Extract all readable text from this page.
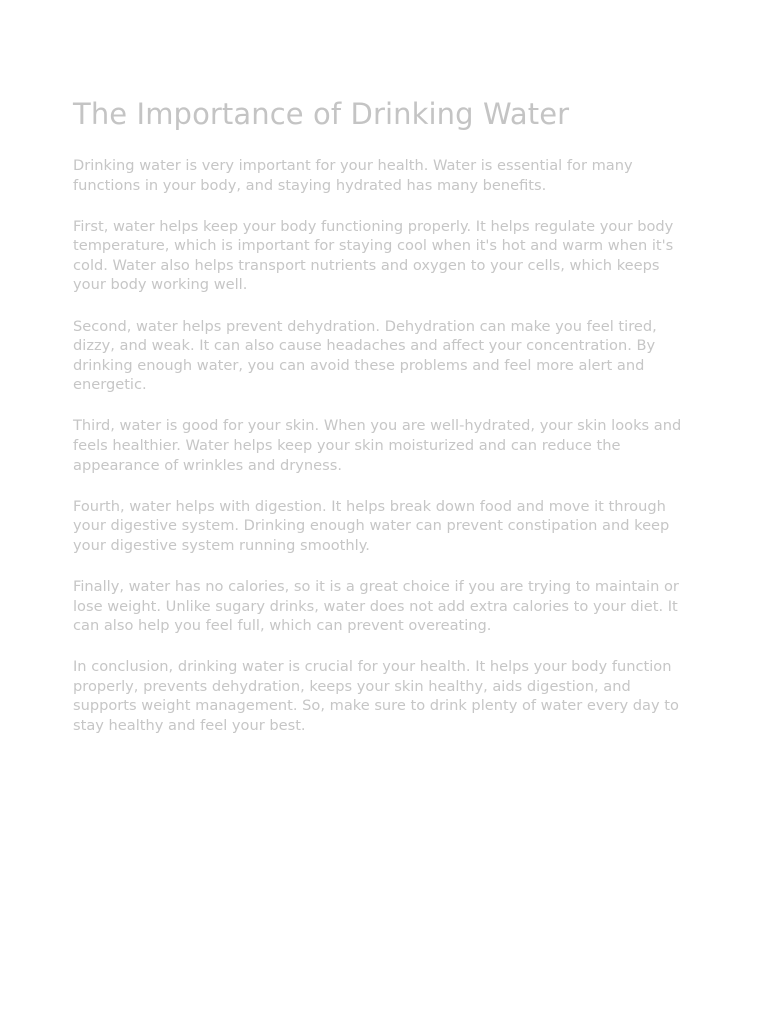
The Importance of Drinking Water

Drinking water is very important for your health. Water is essential for many functions in your body, and staying hydrated has many benefits.

First, water helps keep your body functioning properly. It helps regulate your body temperature, which is important for staying cool when it's hot and warm when it's cold. Water also helps transport nutrients and oxygen to your cells, which keeps your body working well.

Second, water helps prevent dehydration. Dehydration can make you feel tired, dizzy, and weak. It can also cause headaches and affect your concentration. By drinking enough water, you can avoid these problems and feel more alert and energetic.

Third, water is good for your skin. When you are well-hydrated, your skin looks and feels healthier. Water helps keep your skin moisturized and can reduce the appearance of wrinkles and dryness.

Fourth, water helps with digestion. It helps break down food and move it through your digestive system. Drinking enough water can prevent constipation and keep your digestive system running smoothly.

Finally, water has no calories, so it is a great choice if you are trying to maintain or lose weight. Unlike sugary drinks, water does not add extra calories to your diet. It can also help you feel full, which can prevent overeating.

In conclusion, drinking water is crucial for your health. It helps your body function properly, prevents dehydration, keeps your skin healthy, aids digestion, and supports weight management. So, make sure to drink plenty of water every day to stay healthy and feel your best.
